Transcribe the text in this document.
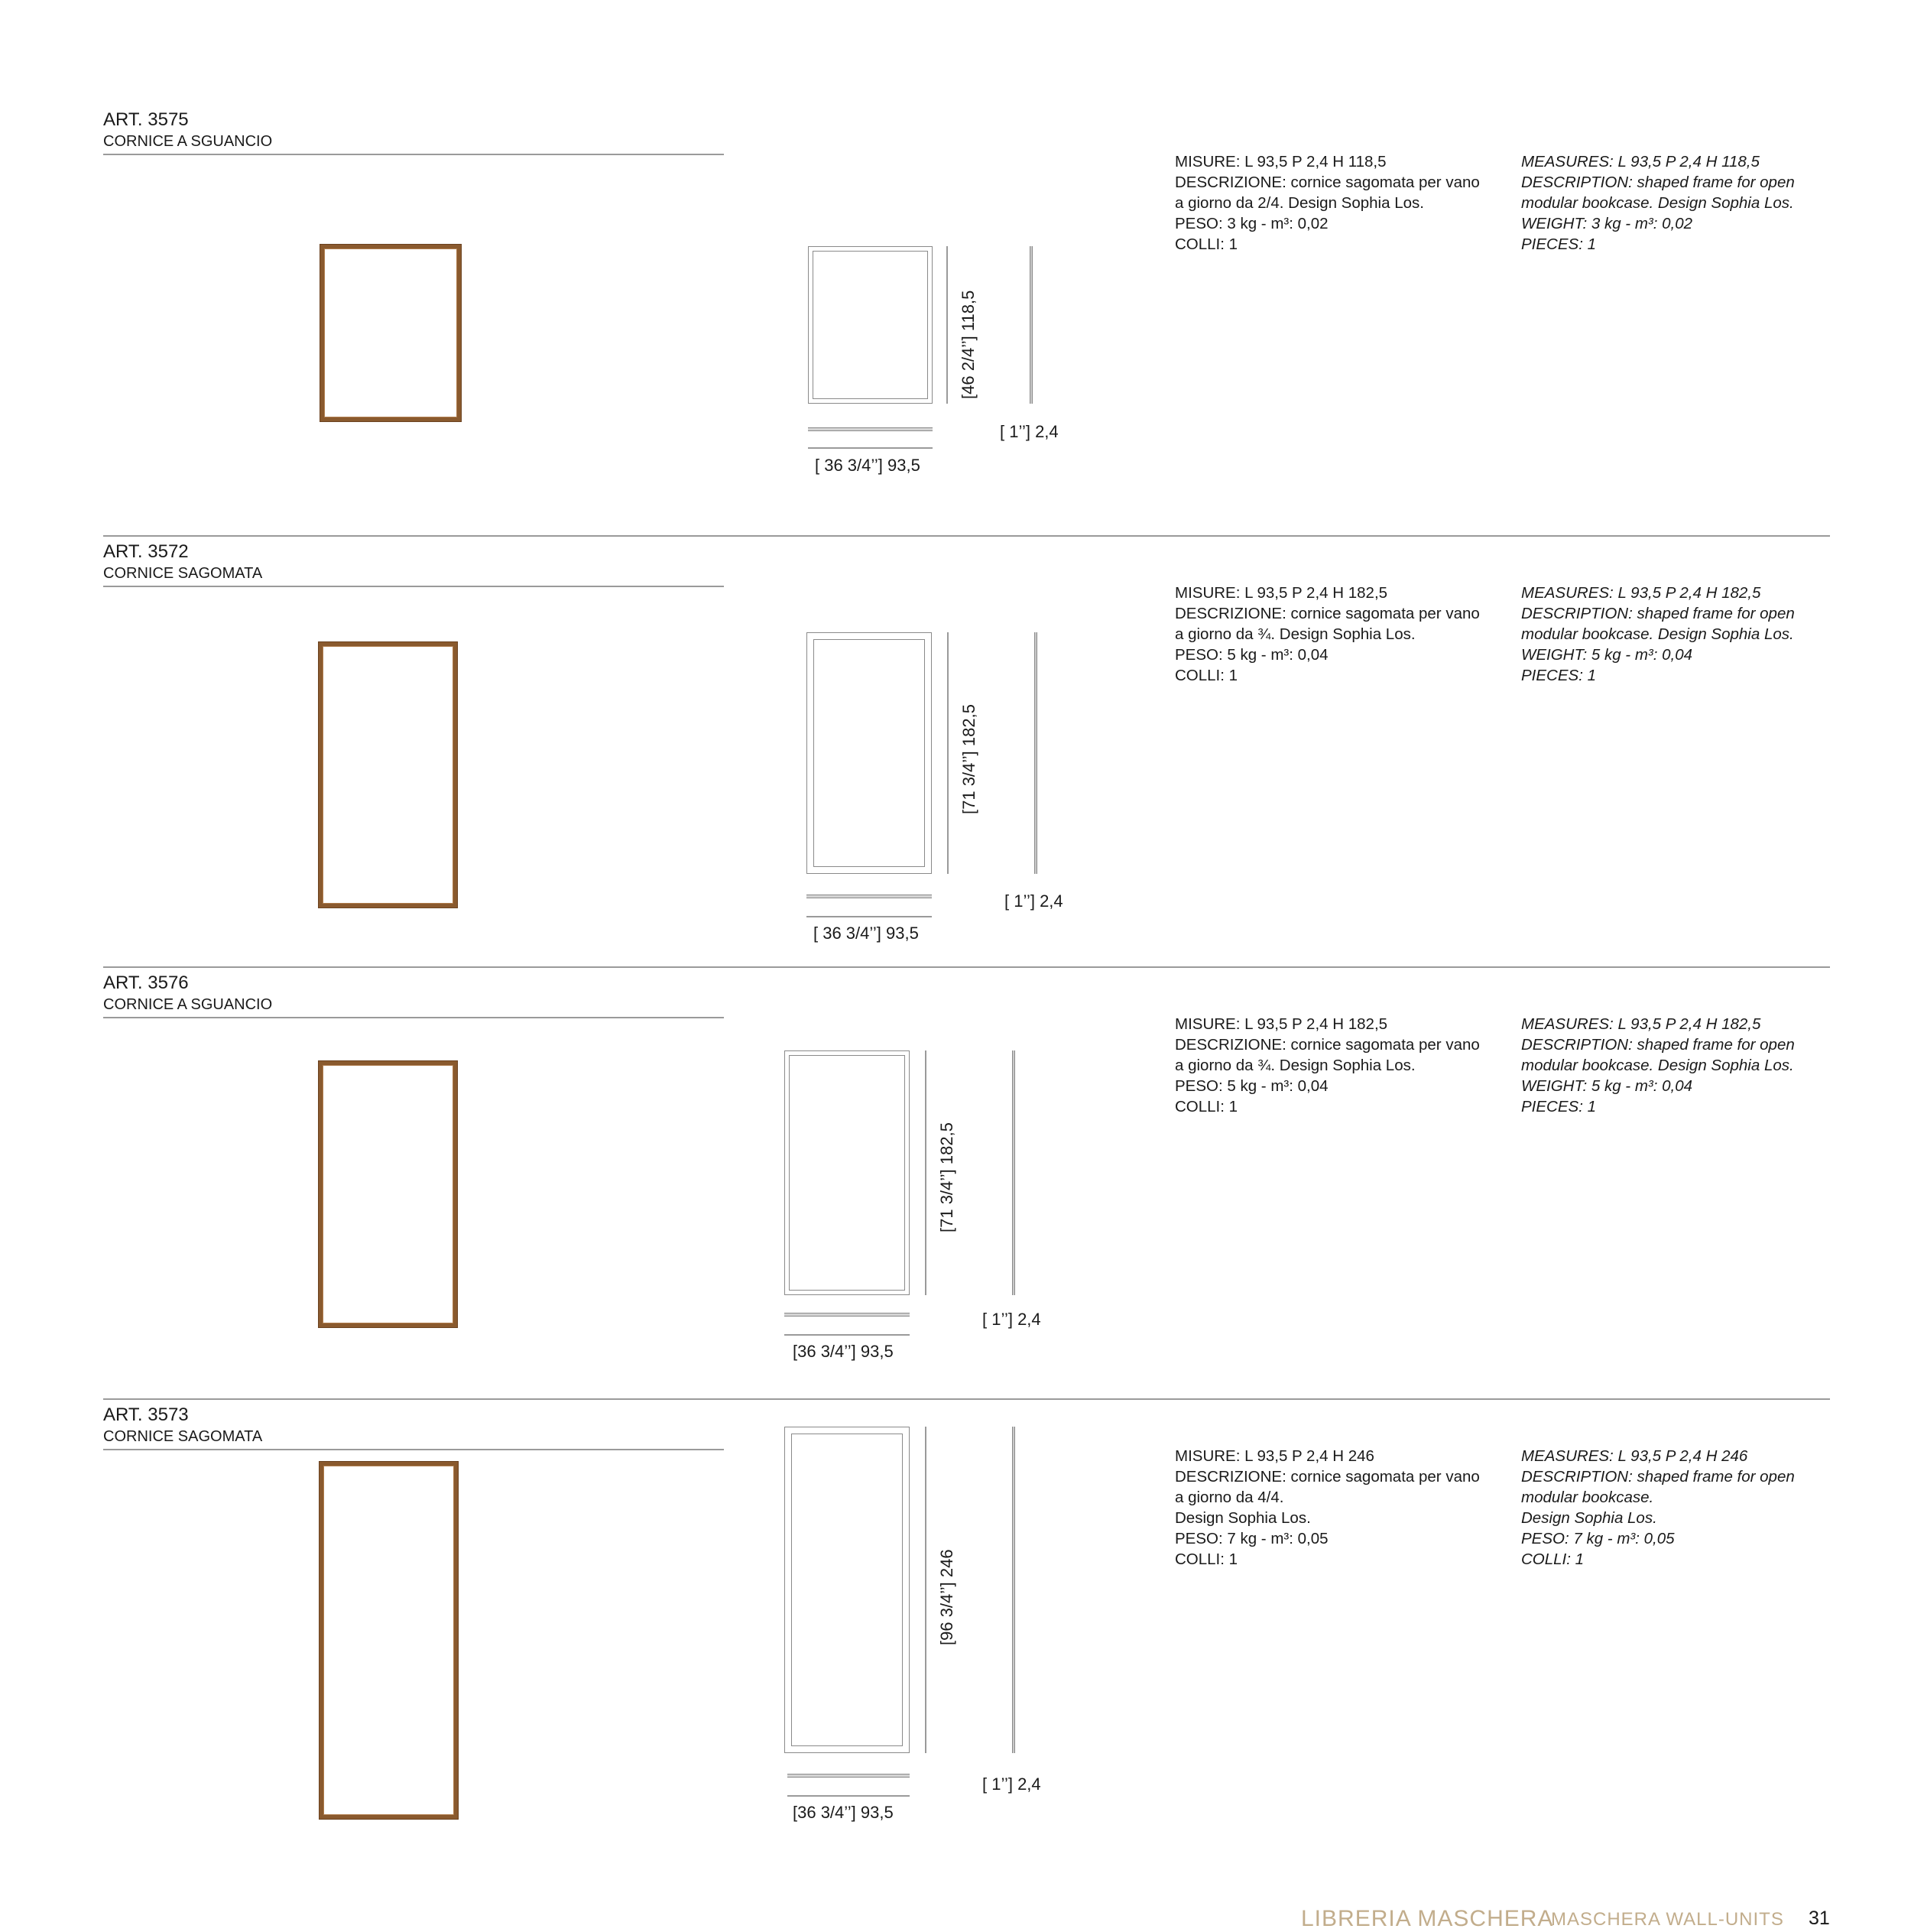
ART. 3575
CORNICE A SGUANCIO
[46 2/4’’] 118,5
[ 1’’] 2,4
[ 36 3/4’’] 93,5
MISURE: L 93,5 P 2,4 H 118,5
DESCRIZIONE: cornice sagomata per vano
a giorno da 2/4. Design Sophia Los.
PESO: 3 kg - m³: 0,02
COLLI: 1
MEASURES: L 93,5 P 2,4 H 118,5
DESCRIPTION: shaped frame for open
modular bookcase. Design Sophia Los.
WEIGHT: 3 kg - m³: 0,02
PIECES: 1
ART. 3572
CORNICE SAGOMATA
[71 3/4’’] 182,5
[ 1’’] 2,4
[ 36 3/4’’] 93,5
MISURE: L 93,5 P 2,4 H 182,5
DESCRIZIONE: cornice sagomata per vano
a giorno da ¾. Design Sophia Los.
PESO: 5 kg - m³: 0,04
COLLI: 1
MEASURES: L 93,5 P 2,4 H 182,5
DESCRIPTION: shaped frame for open
modular bookcase. Design Sophia Los.
WEIGHT: 5 kg - m³: 0,04
PIECES: 1
ART. 3576
CORNICE A SGUANCIO
[71 3/4’’] 182,5
[ 1’’] 2,4
[36 3/4’’] 93,5
MISURE: L 93,5 P 2,4 H 182,5
DESCRIZIONE: cornice sagomata per vano
a giorno da ¾. Design Sophia Los.
PESO: 5 kg - m³: 0,04
COLLI: 1
MEASURES: L 93,5 P 2,4 H 182,5
DESCRIPTION: shaped frame for open
modular bookcase. Design Sophia Los.
WEIGHT: 5 kg - m³: 0,04
PIECES: 1
ART. 3573
CORNICE SAGOMATA
[96 3/4’’] 246
[ 1’’] 2,4
[36 3/4’’] 93,5
MISURE: L 93,5 P 2,4 H 246
DESCRIZIONE: cornice sagomata per vano
a giorno da 4/4.
Design Sophia Los.
PESO: 7 kg - m³: 0,05
COLLI: 1
MEASURES: L 93,5 P 2,4 H 246
DESCRIPTION: shaped frame for open
modular bookcase.
Design Sophia Los.
PESO: 7 kg - m³: 0,05
COLLI: 1
LIBRERIA MASCHERA
MASCHERA WALL-UNITS 31
